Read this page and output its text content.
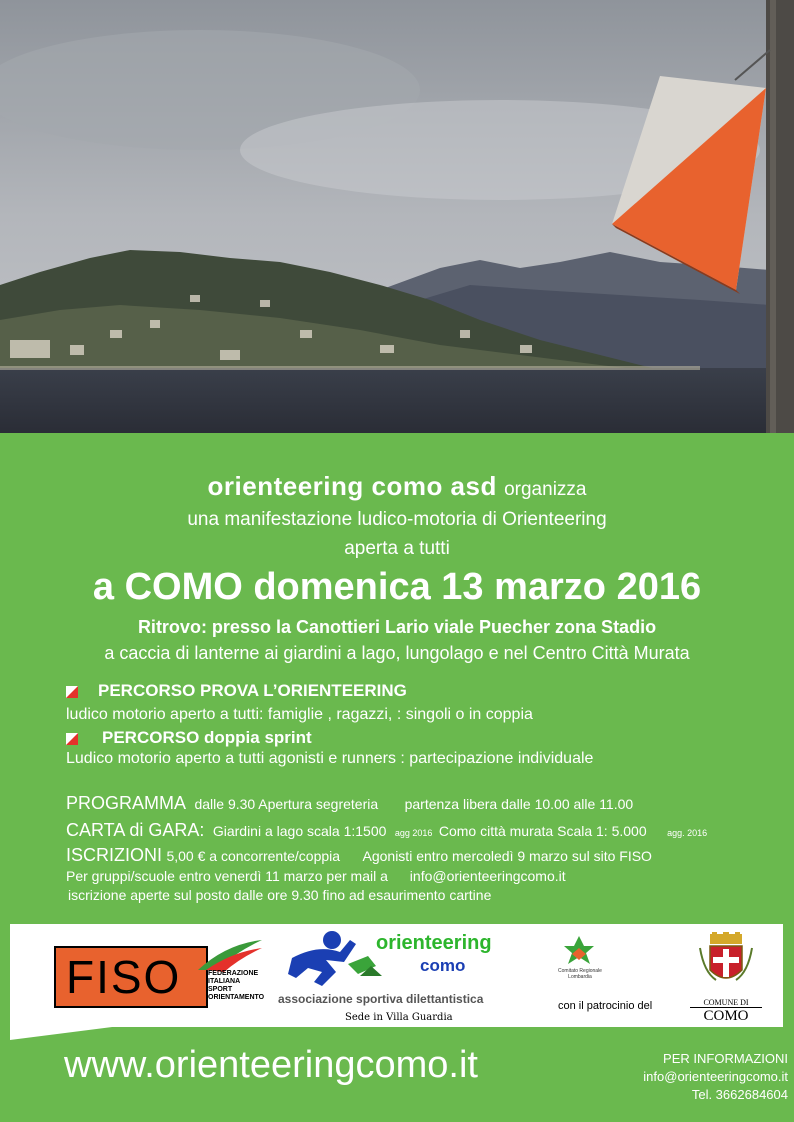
orienteering como asd organizza
una manifestazione ludico-motoria di Orienteering
aperta a tutti
a COMO domenica 13 marzo 2016
Ritrovo: presso la Canottieri Lario viale Puecher zona Stadio
a caccia di lanterne ai giardini a lago, lungolago e nel Centro Città Murata
PERCORSO PROVA L’ORIENTEERING
ludico motorio aperto a tutti: famiglie , ragazzi, : singoli o in coppia
PERCORSO doppia sprint
Ludico motorio aperto a tutti agonisti e runners : partecipazione individuale
PROGRAMMA dalle 9.30 Apertura segreteria partenza libera dalle 10.00 alle 11.00
CARTA di GARA: Giardini a lago scala 1:1500 agg 2016 Como città murata Scala 1: 5.000 agg. 2016
ISCRIZIONI 5,00 € a concorrente/coppia Agonisti entro mercoledì 9 marzo sul sito FISO
Per gruppi/scuole entro venerdì 11 marzo per mail a info@orienteeringcomo.it
iscrizione aperte sul posto dalle ore 9.30 fino ad esaurimento cartine
FISO	FEDERAZIONE
ITALIANA
SPORT
ORIENTAMENTO
orienteering
como
associazione sportiva dilettantistica
Sede in Villa Guardia
Comitato Regionale
Lombardia
con il patrocinio del	COMUNE DI
COMO
www.orienteeringcomo.it	PER INFORMAZIONI
info@orienteeringcomo.it
Tel. 3662684604
